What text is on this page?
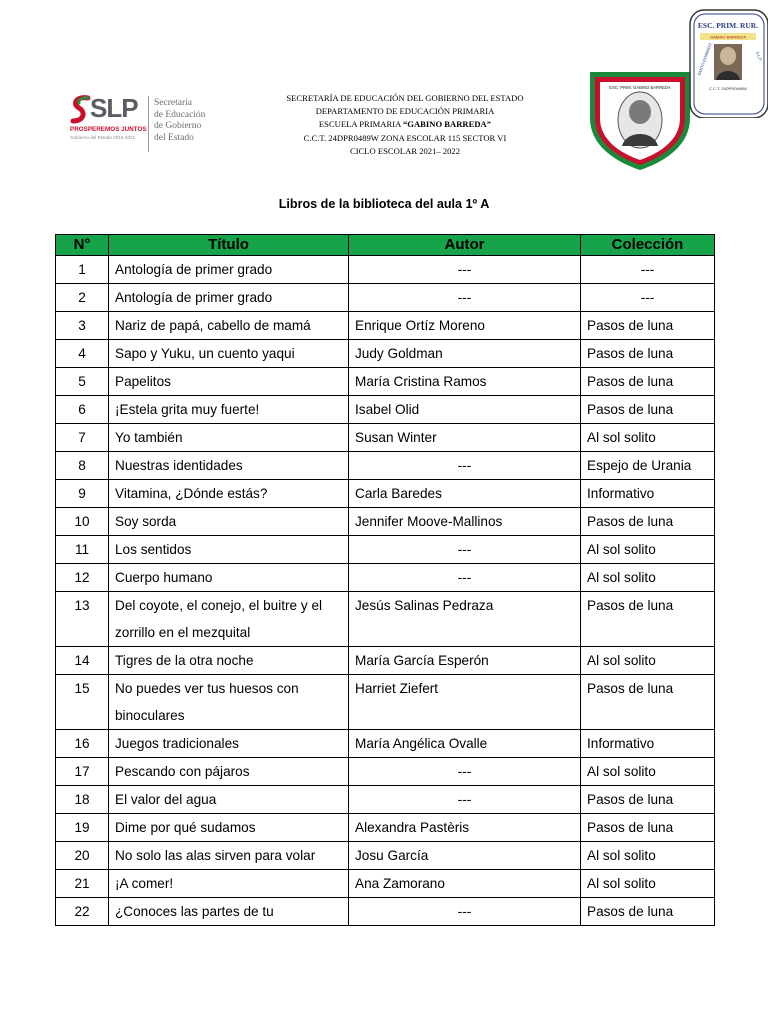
SLP
PROSPEREMOS JUNTOS
Gobierno del Estado 2015-2021
Secretaría
de Educación
de Gobierno
del Estado
SECRETARÍA DE EDUCACIÓN DEL GOBIERNO DEL ESTADO
DEPARTAMENTO DE EDUCACIÓN PRIMARIA
ESCUELA PRIMARIA “GABINO BARREDA”
C.C.T. 24DPR0489W ZONA ESCOLAR 115 SECTOR VI
CICLO ESCOLAR 2021– 2022
ESC. PRIM. GABINO BARREDA
ESC. PRIM. RUR.
GABINO BARREDA
C.C.T. 24DPR0489W
SANTO DOMINGO	S.L.P.
Libros de la biblioteca del aula 1º A
N°	Título	Autor	Colección
1	Antología de primer grado	---	---
2	Antología de primer grado	---	---
3	Nariz de papá, cabello de mamá	Enrique Ortíz Moreno	Pasos de luna
4	Sapo y Yuku, un cuento yaqui	Judy Goldman	Pasos de luna
5	Papelitos	María Cristina Ramos	Pasos de luna
6	¡Estela grita muy fuerte!	Isabel Olid	Pasos de luna
7	Yo también	Susan Winter	Al sol solito
8	Nuestras identidades	---	Espejo de Urania
9	Vitamina, ¿Dónde estás?	Carla Baredes	Informativo
10	Soy sorda	Jennifer Moove-Mallinos	Pasos de luna
11	Los sentidos	---	Al sol solito
12	Cuerpo humano	---	Al sol solito
13	Del coyote, el conejo, el buitre y el zorrillo en el mezquital	Jesús Salinas Pedraza	Pasos de luna
14	Tigres de la otra noche	María García Esperón	Al sol solito
15	No puedes ver tus huesos con binoculares	Harriet Ziefert	Pasos de luna
16	Juegos tradicionales	María Angélica Ovalle	Informativo
17	Pescando con pájaros	---	Al sol solito
18	El valor del agua	---	Pasos de luna
19	Dime por qué sudamos	Alexandra Pastèris	Pasos de luna
20	No solo las alas sirven para volar	Josu García	Al sol solito
21	¡A comer!	Ana Zamorano	Al sol solito
22	¿Conoces las partes de tu	---	Pasos de luna
